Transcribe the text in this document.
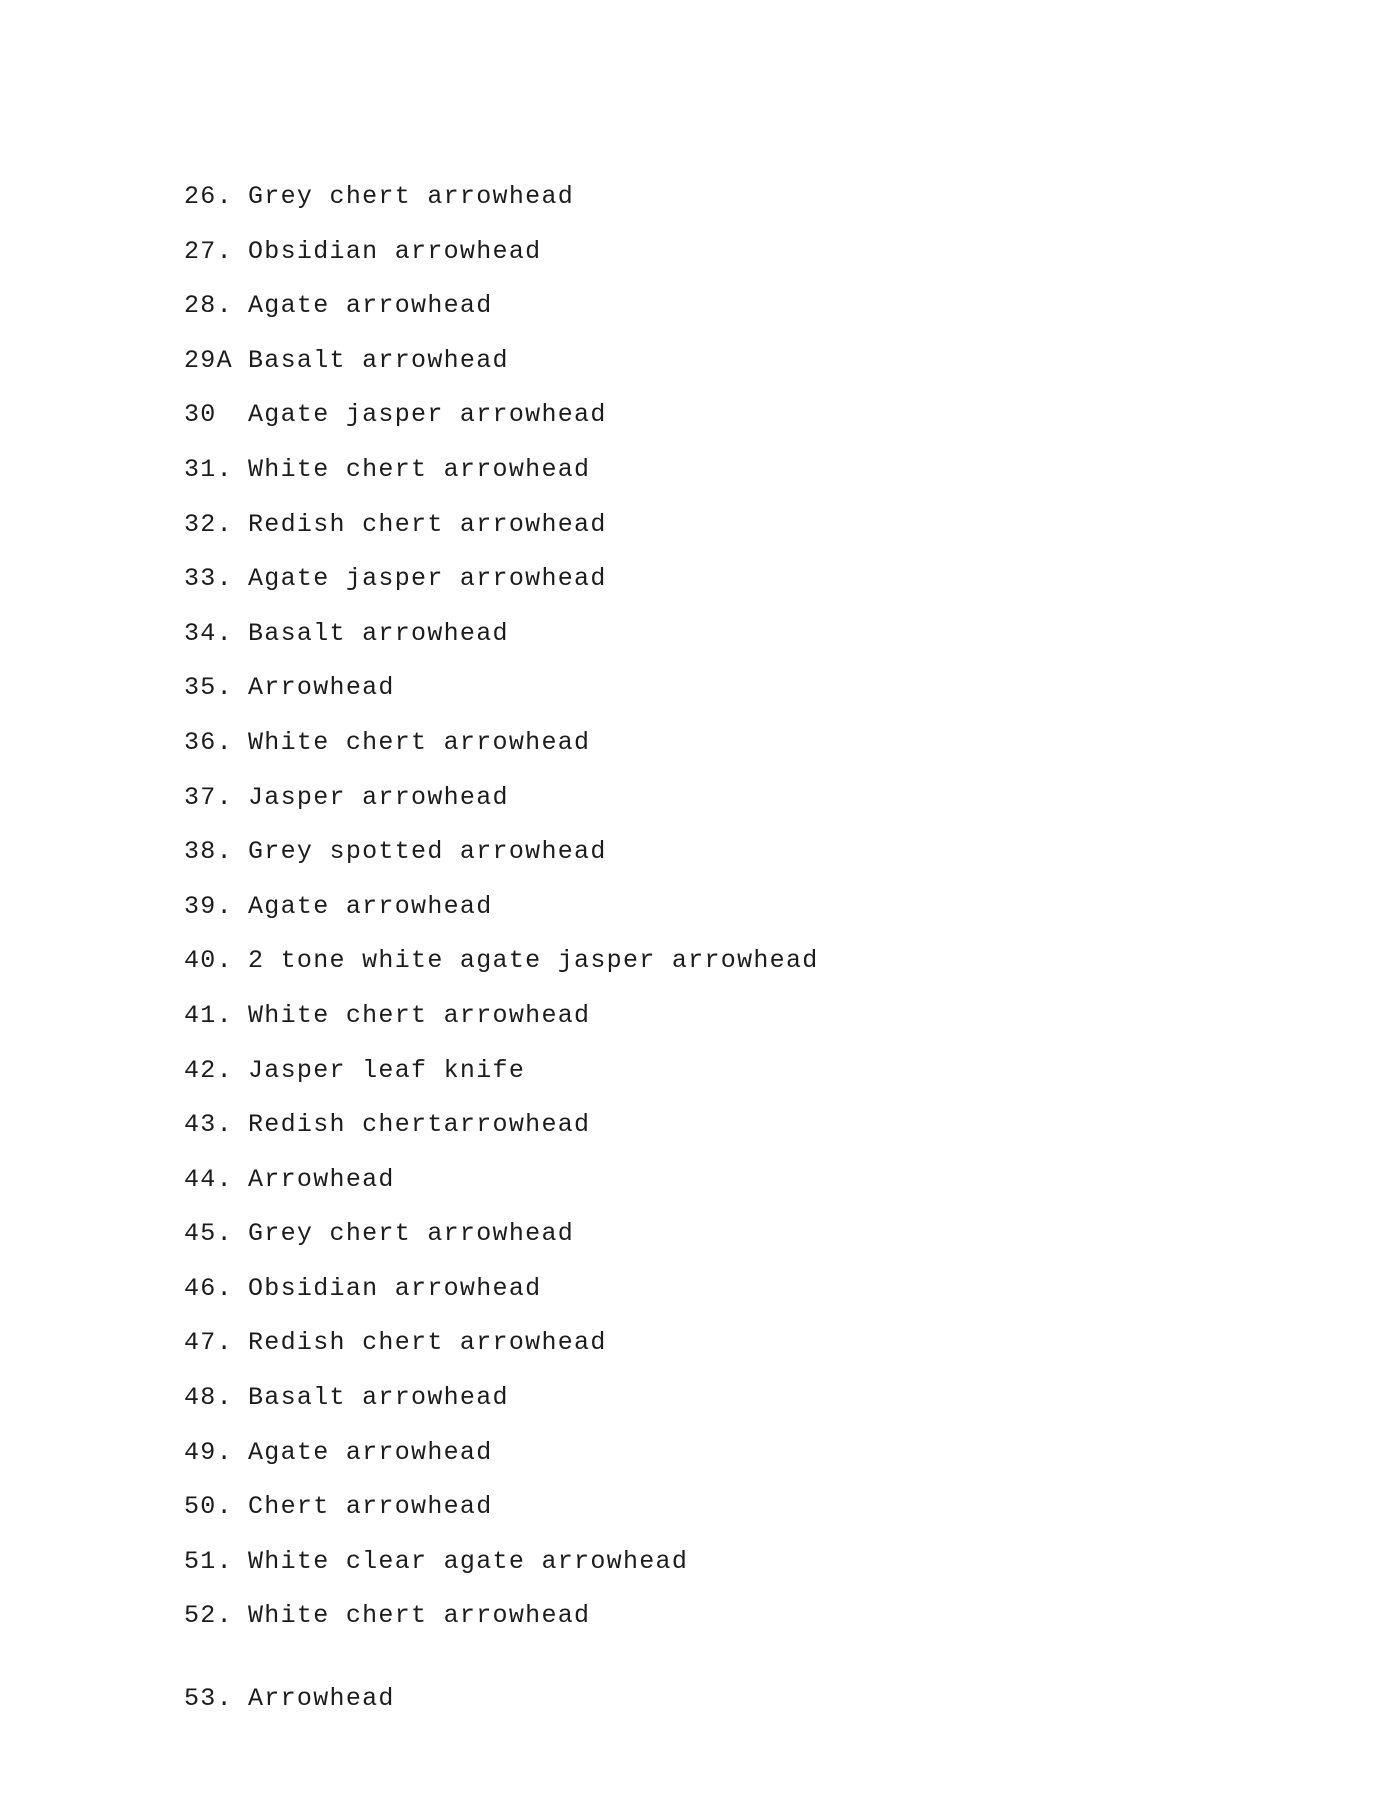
26. Grey chert arrowhead
27. Obsidian arrowhead
28. Agate arrowhead
29A Basalt arrowhead
30 Agate jasper arrowhead
31. White chert arrowhead
32. Redish chert arrowhead
33. Agate jasper arrowhead
34. Basalt arrowhead
35. Arrowhead
36. White chert arrowhead
37. Jasper arrowhead
38. Grey spotted arrowhead
39. Agate arrowhead
40. 2 tone white agate jasper arrowhead
41. White chert arrowhead
42. Jasper leaf knife
43. Redish chertarrowhead
44. Arrowhead
45. Grey chert arrowhead
46. Obsidian arrowhead
47. Redish chert arrowhead
48. Basalt arrowhead
49. Agate arrowhead
50. Chert arrowhead
51. White clear agate arrowhead
52. White chert arrowhead
53. Arrowhead
